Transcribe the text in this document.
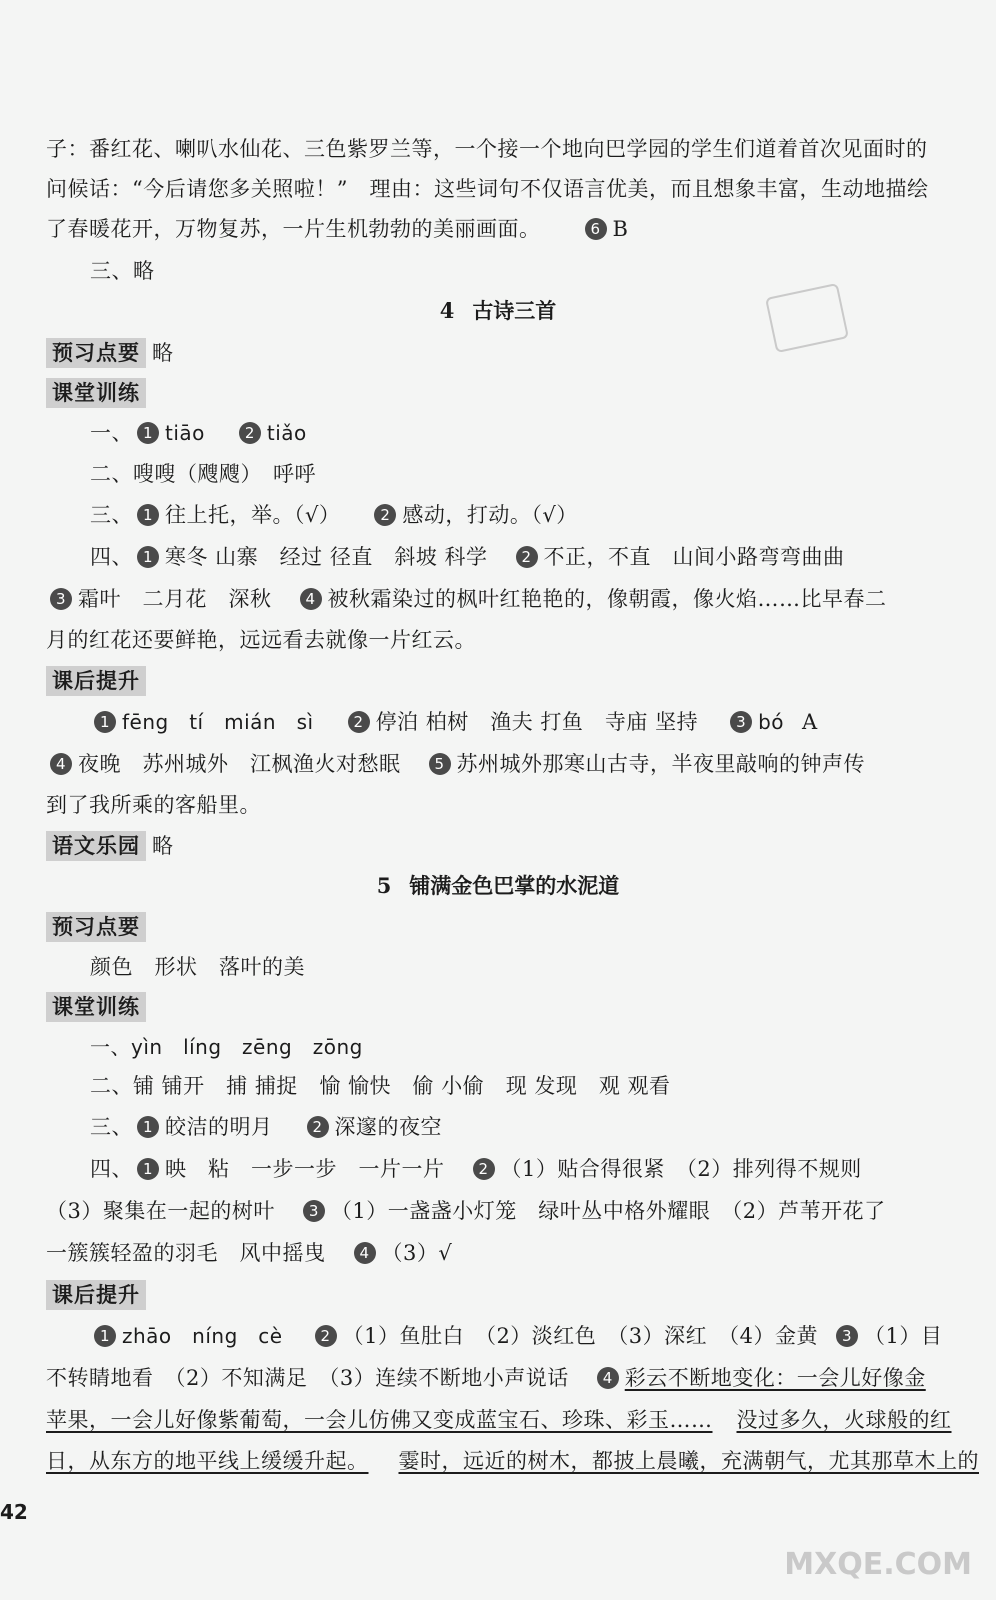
子：番红花、喇叭水仙花、三色紫罗兰等，一个接一个地向巴学园的学生们道着首次见面时的
问候话：“今后请您多关照啦！”　理由：这些词句不仅语言优美，而且想象丰富，生动地描绘
了春暖花开，万物复苏，一片生机勃勃的美丽画面。	6 B
三、略
4 古诗三首
预习点要 略
课堂训练
一、 1 tiāo	2 tiǎo
二、嗖嗖（飕飕）　呼呼
三、 1 往上托，举。（√）	2 感动，打动。（√）
四、 1 寒冬 山寨　经过 径直　斜坡 科学 2 不正，不直　山间小路弯弯曲曲
3 霜叶　二月花　深秋 4 被秋霜染过的枫叶红艳艳的，像朝霞，像火焰……比早春二
月的红花还要鲜艳，远远看去就像一片红云。
课后提升
1 fēng　tí　mián　sì	2 停泊 柏树　渔夫 打鱼　寺庙 坚持	3 bó A
4 夜晚　苏州城外　江枫渔火对愁眠 5 苏州城外那寒山古寺，半夜里敲响的钟声传
到了我所乘的客船里。
语文乐园 略
5 铺满金色巴掌的水泥道
预习点要
颜色　形状　落叶的美
课堂训练
一、yìn　líng　zēng　zōng
二、铺 铺开　捕 捕捉　愉 愉快　偷 小偷　现 发现　观 观看
三、 1 皎洁的明月	2 深邃的夜空
四、 1 映　粘　一步一步　一片一片 2 （1）贴合得很紧　（2）排列得不规则
（3）聚集在一起的树叶 3 （1）一盏盏小灯笼　绿叶丛中格外耀眼　（2）芦苇开花了
一簇簇轻盈的羽毛　风中摇曳 4 （3）√
课后提升
1 zhāo　níng　cè	2 （1）鱼肚白　（2）淡红色　（3）深红　（4）金黄 3 （1）目
不转睛地看　（2）不知满足　（3）连续不断地小声说话 4 彩云不断地变化：一会儿好像金
苹果，一会儿好像紫葡萄，一会儿仿佛又变成蓝宝石、珍珠、彩玉…… 没过多久，火球般的红
日，从东方的地平线上缓缓升起。 霎时，远近的树木，都披上晨曦，充满朝气，尤其那草木上的
42
MXQE.COM
